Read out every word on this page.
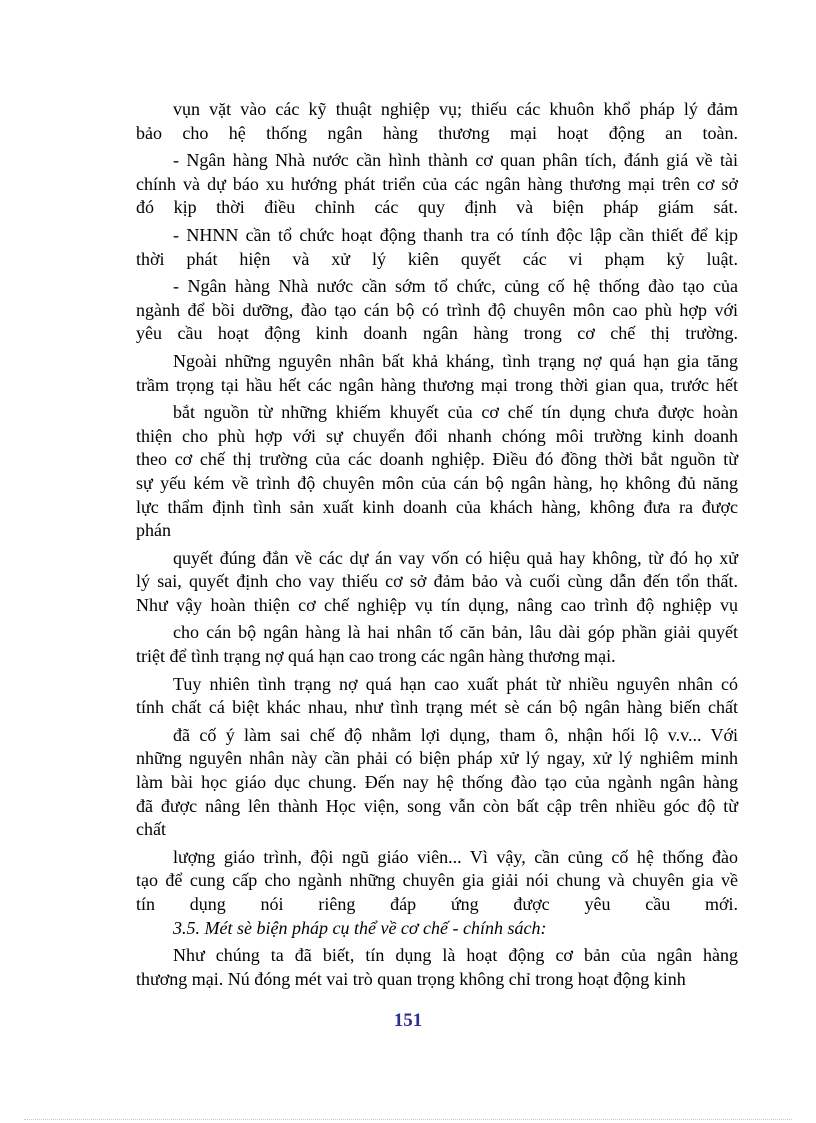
vụn vặt vào các kỹ thuật nghiệp vụ; thiếu các khuôn khổ pháp lý đảm
bảo cho hệ thống ngân hàng thương mại hoạt động an toàn.
- Ngân hàng Nhà nước cần hình thành cơ quan phân tích, đánh giá về tài
chính và dự báo xu hướng phát triển của các ngân hàng thương mại trên cơ sở
đó kịp thời điều chỉnh các quy định và biện pháp giám sát.
- NHNN cần tổ chức hoạt động thanh tra có tính độc lập cần thiết để kịp
thời phát hiện và xử lý kiên quyết các vi phạm kỷ luật.
- Ngân hàng Nhà nước cần sớm tổ chức, củng cố hệ thống đào tạo của
ngành để bồi dưỡng, đào tạo cán bộ có trình độ chuyên môn cao phù hợp với
yêu cầu hoạt động kinh doanh ngân hàng trong cơ chế thị trường.
Ngoài những nguyên nhân bất khả kháng, tình trạng nợ quá hạn gia tăng
trầm trọng tại hầu hết các ngân hàng thương mại trong thời gian qua, trước hết
bắt nguồn từ những khiếm khuyết của cơ chế tín dụng chưa được hoàn
thiện cho phù hợp với sự chuyển đổi nhanh chóng môi trường kinh doanh
theo cơ chế thị trường của các doanh nghiệp. Điều đó đồng thời bắt nguồn từ
sự yếu kém về trình độ chuyên môn của cán bộ ngân hàng, họ không đủ năng
lực thẩm định tình sản xuất kinh doanh của khách hàng, không đưa ra được
phán
quyết đúng đắn về các dự án vay vốn có hiệu quả hay không, từ đó họ xử
lý sai, quyết định cho vay thiếu cơ sở đảm bảo và cuối cùng dẫn đến tổn thất.
Như vậy hoàn thiện cơ chế nghiệp vụ tín dụng, nâng cao trình độ nghiệp vụ
cho cán bộ ngân hàng là hai nhân tố căn bản, lâu dài góp phần giải quyết
triệt để tình trạng nợ quá hạn cao trong các ngân hàng thương mại.
Tuy nhiên tình trạng nợ quá hạn cao xuất phát từ nhiều nguyên nhân có
tính chất cá biệt khác nhau, như tình trạng mét sè cán bộ ngân hàng biến chất
đã cố ý làm sai chế độ nhằm lợi dụng, tham ô, nhận hối lộ v.v... Với
những nguyên nhân này cần phải có biện pháp xử lý ngay, xử lý nghiêm minh
làm bài học giáo dục chung. Đến nay hệ thống đào tạo của ngành ngân hàng
đã được nâng lên thành Học viện, song vẫn còn bất cập trên nhiều góc độ từ
chất
lượng giáo trình, đội ngũ giáo viên... Vì vậy, cần củng cố hệ thống đào
tạo để cung cấp cho ngành những chuyên gia giải nói chung và chuyên gia về
tín dụng nói riêng đáp ứng được yêu cầu mới.
3.5. Mét sè biện pháp cụ thể về cơ chế - chính sách:
Như chúng ta đã biết, tín dụng là hoạt động cơ bản của ngân hàng
thương mại. Nú đóng mét vai trò quan trọng không chỉ trong hoạt động kinh
151
